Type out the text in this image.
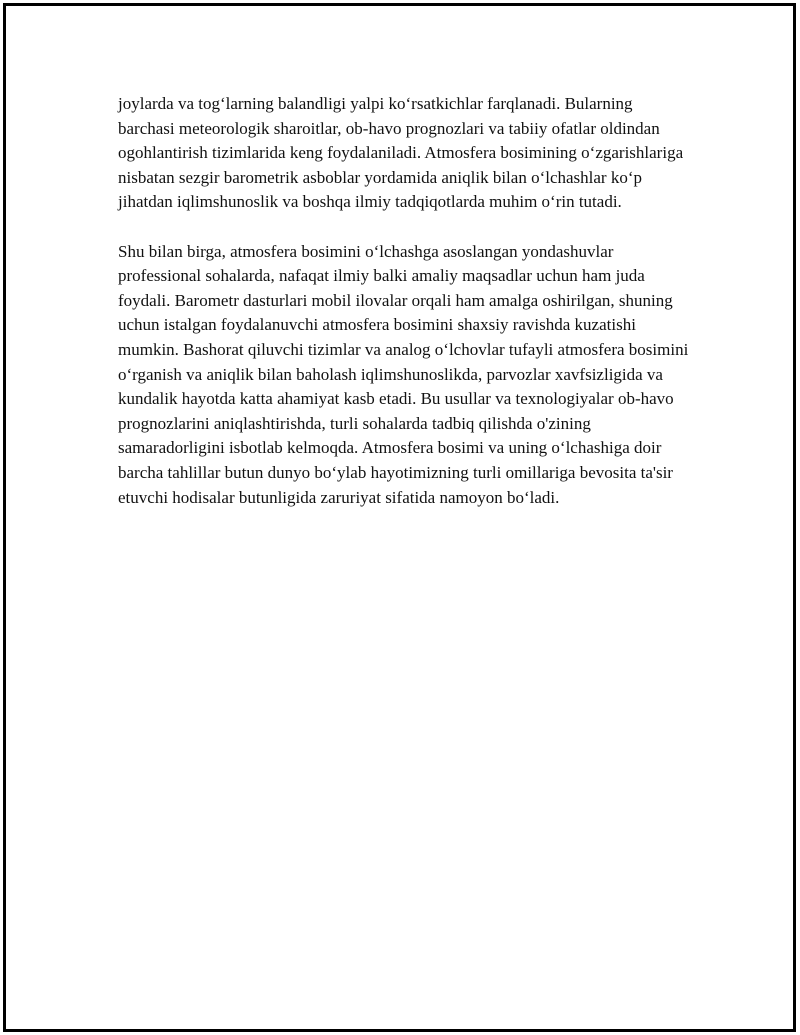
joylarda va tog‘larning balandligi yalpi ko‘rsatkichlar farqlanadi. Bularning barchasi meteorologik sharoitlar, ob-havo prognozlari va tabiiy ofatlar oldindan ogohlantirish tizimlarida keng foydalaniladi. Atmosfera bosimining o‘zgarishlariga nisbatan sezgir barometrik asboblar yordamida aniqlik bilan o‘lchashlar ko‘p jihatdan iqlimshunoslik va boshqa ilmiy tadqiqotlarda muhim o‘rin tutadi.

Shu bilan birga, atmosfera bosimini o‘lchashga asoslangan yondashuvlar professional sohalarda, nafaqat ilmiy balki amaliy maqsadlar uchun ham juda foydali. Barometr dasturlari mobil ilovalar orqali ham amalga oshirilgan, shuning uchun istalgan foydalanuvchi atmosfera bosimini shaxsiy ravishda kuzatishi mumkin. Bashorat qiluvchi tizimlar va analog o‘lchovlar tufayli atmosfera bosimini o‘rganish va aniqlik bilan baholash iqlimshunoslikda, parvozlar xavfsizligida va kundalik hayotda katta ahamiyat kasb etadi. Bu usullar va texnologiyalar ob-havo prognozlarini aniqlashtirishda, turli sohalarda tadbiq qilishda o'zining samaradorligini isbotlab kelmoqda. Atmosfera bosimi va uning o‘lchashiga doir barcha tahlillar butun dunyo bo‘ylab hayotimizning turli omillariga bevosita ta'sir etuvchi hodisalar butunligida zaruriyat sifatida namoyon bo‘ladi.
